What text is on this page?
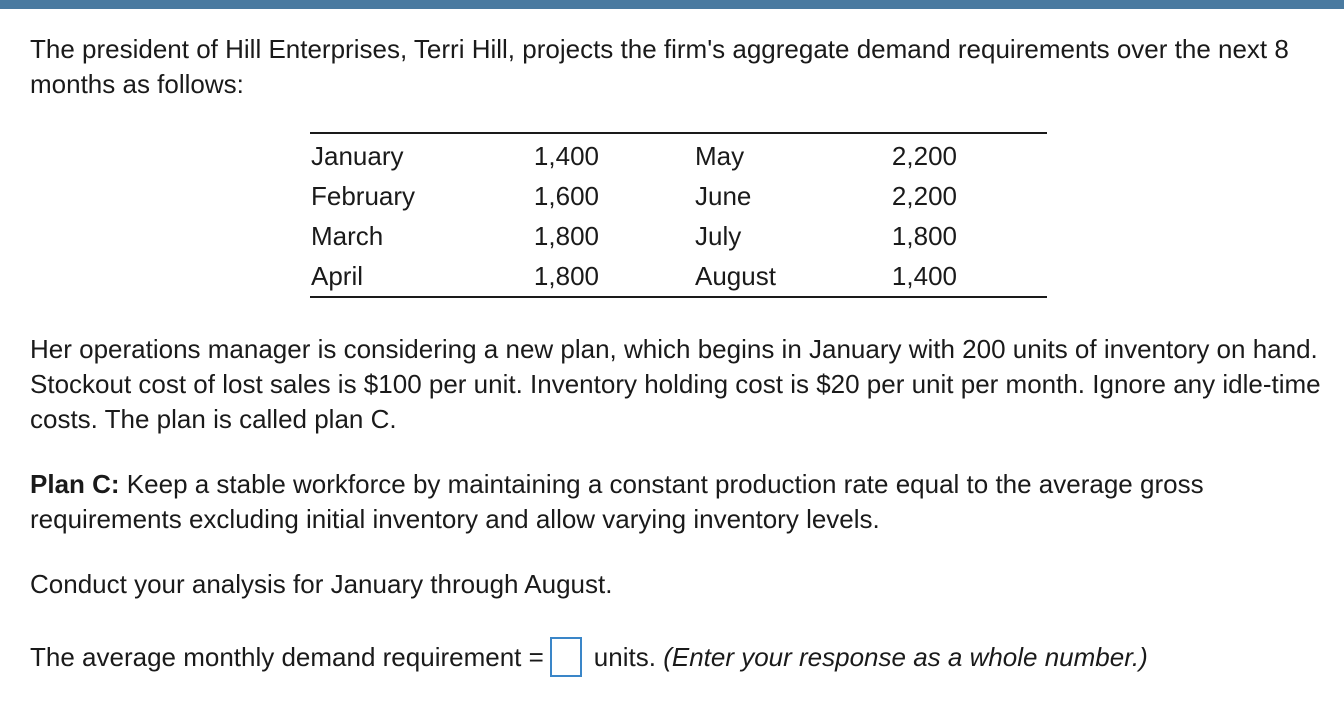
The president of Hill Enterprises, Terri Hill, projects the firm's aggregate demand requirements over the next 8 months as follows:

January	1,400		May	2,200	
February	1,600		June	2,200	
March	1,800		July	1,800	
April	1,800		August	1,400	

Her operations manager is considering a new plan, which begins in January with 200 units of inventory on hand. Stockout cost of lost sales is $100 per unit. Inventory holding cost is $20 per unit per month. Ignore any idle-time costs. The plan is called plan C.

Plan C: Keep a stable workforce by maintaining a constant production rate equal to the average gross requirements excluding initial inventory and allow varying inventory levels.

Conduct your analysis for January through August.

The average monthly demand requirement = units.
(Enter your response as a whole number.)
